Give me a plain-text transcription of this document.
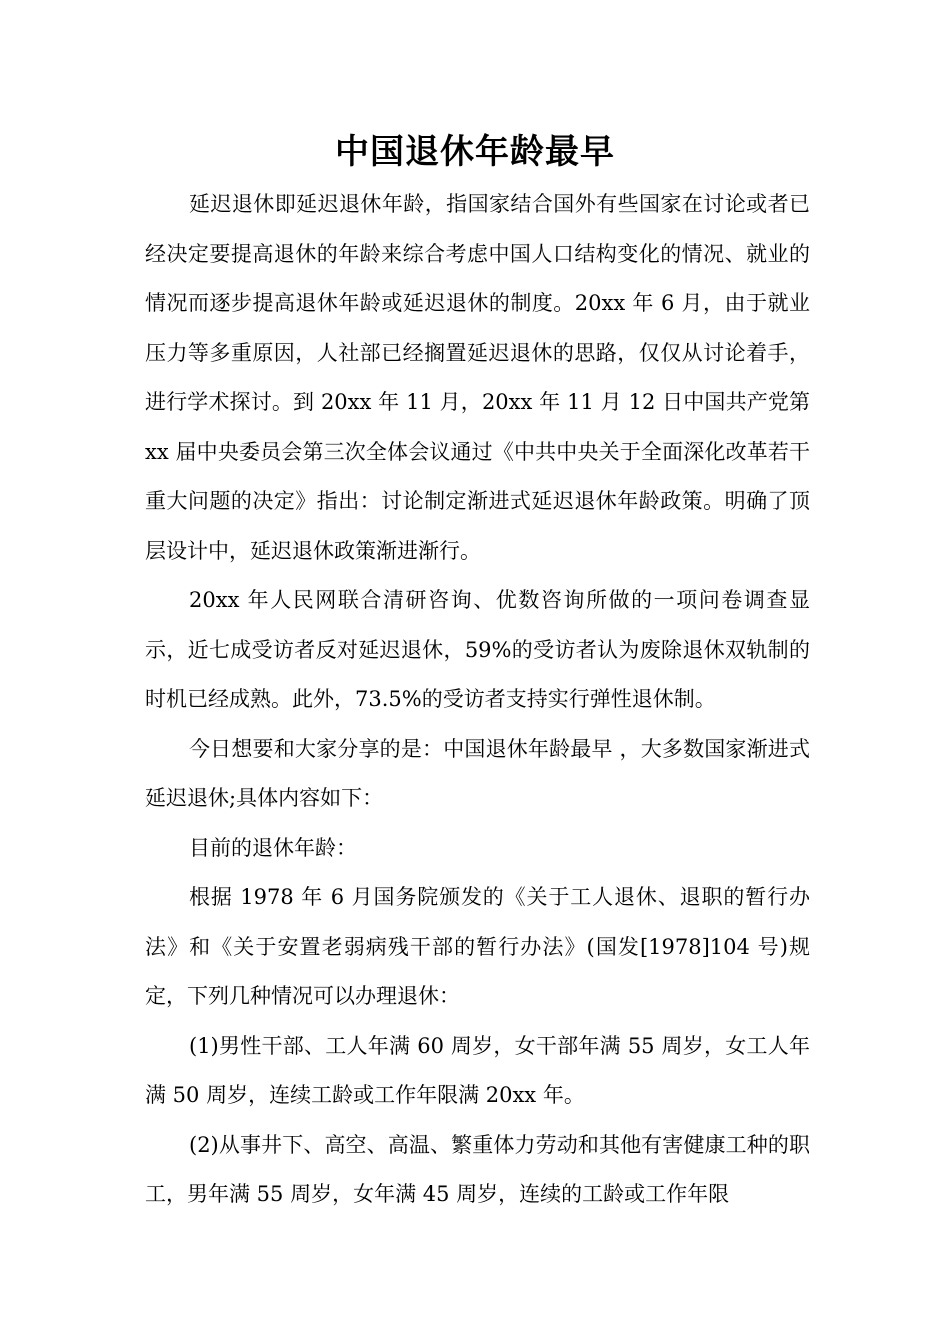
中国退休年龄最早

延迟退休即延迟退休年龄，指国家结合国外有些国家在讨论或者已经决定要提高退休的年龄来综合考虑中国人口结构变化的情况、就业的情况而逐步提高退休年龄或延迟退休的制度。20xx 年 6 月，由于就业压力等多重原因，人社部已经搁置延迟退休的思路，仅仅从讨论着手，进行学术探讨。到 20xx 年 11 月，20xx 年 11 月 12 日中国共产党第 xx 届中央委员会第三次全体会议通过《中共中央关于全面深化改革若干重大问题的决定》指出：讨论制定渐进式延迟退休年龄政策。明确了顶层设计中，延迟退休政策渐进渐行。

20xx 年人民网联合清研咨询、优数咨询所做的一项问卷调查显示，近七成受访者反对延迟退休，59%的受访者认为废除退休双轨制的时机已经成熟。此外，73.5%的受访者支持实行弹性退休制。

今日想要和大家分享的是：中国退休年龄最早 ，大多数国家渐进式延迟退休;具体内容如下：

目前的退休年龄：

根据 1978 年 6 月国务院颁发的《关于工人退休、退职的暂行办法》和《关于安置老弱病残干部的暂行办法》(国发[1978]104 号)规定，下列几种情况可以办理退休：

(1)男性干部、工人年满 60 周岁，女干部年满 55 周岁，女工人年满 50 周岁，连续工龄或工作年限满 20xx 年。

(2)从事井下、高空、高温、繁重体力劳动和其他有害健康工种的职工，男年满 55 周岁，女年满 45 周岁，连续的工龄或工作年限
